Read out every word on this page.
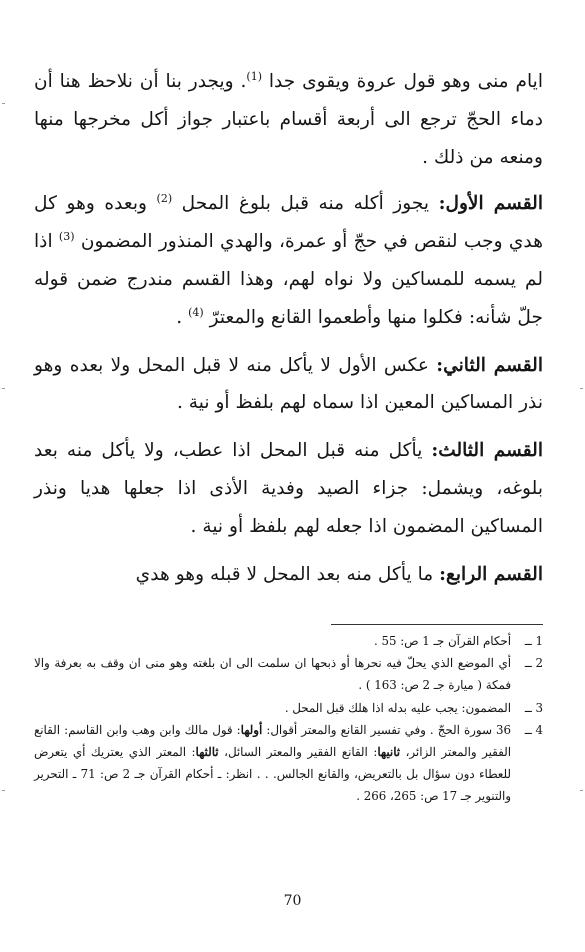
ايام منى وهو قول عروة ويقوى جدا $^{(1)}$. ويجدر بنا أن نلاحظ هنا أن دماء الحجّ ترجع الى أربعة أقسام باعتبار جواز أكل مخرجها منها ومنعه من ذلك .

القسم الأول: يجوز أكله منه قبل بلوغ المحل $^{(2)}$ وبعده وهو كل هدي وجب لنقص في حجّ أو عمرة، والهدي المنذور المضمون $^{(3)}$ اذا لم يسمه للمساكين ولا نواه لهم، وهذا القسم مندرج ضمن قوله جلّ شأنه: فكلوا منها وأطعموا القانع والمعترّ $^{(4)}$ .

القسم الثاني: عكس الأول لا يأكل منه لا قبل المحل ولا بعده وهو نذر المساكين المعين اذا سماه لهم بلفظ أو نية .

القسم الثالث: يأكل منه قبل المحل اذا عطب، ولا يأكل منه بعد بلوغه، ويشمل: جزاء الصيد وفدية الأذى اذا جعلها هديا ونذر المساكين المضمون اذا جعله لهم بلفظ أو نية .

القسم الرابع: ما يأكل منه بعد المحل لا قبله وهو هدي

1 ــ
أحكام القرآن جـ 1 ص: 55 .
2 ــ
أي الموضع الذي يحلّ فيه نحرها أو ذبحها ان سلمت الى ان بلغته وهو منى ان وقف به بعرفة والا فمكة ( ميارة جـ 2 ص: 163 ) .
3 ــ
المضمون: يجب عليه بدله اذا هلك قبل المحل .
4 ــ
36 سورة الحجّ . وفي تفسير القانع والمعتر أقوال: أولها: قول مالك وابن وهب وابن القاسم: القانع الفقير والمعتر الزائر، ثانيها: القانع الفقير والمعتر السائل، ثالثها: المعتر الذي يعتريك أي يتعرض للعطاء دون سؤال بل بالتعريض، والقانع الجالس. . . انظر: ـ أحكام القرآن جـ 2 ص: 71 ـ التحرير والتنوير جـ 17 ص: 265، 266 .
70
